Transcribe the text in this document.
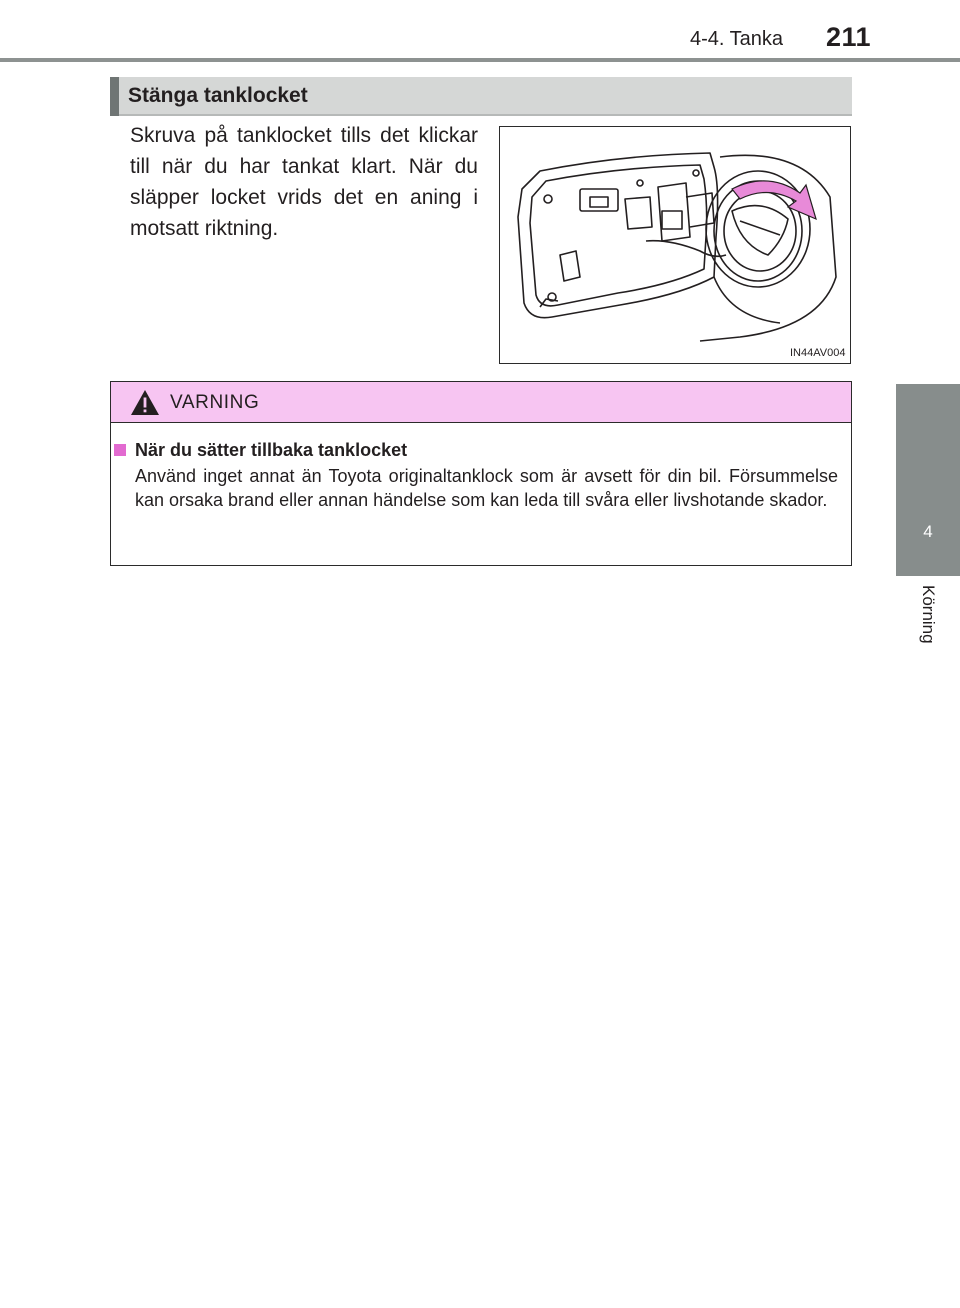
4-4. Tanka 211
4
Körning
Stänga tanklocket
Skruva på tanklocket tills det klickar till när du har tankat klart. När du släpper locket vrids det en aning i motsatt riktning.
IN44AV004
VARNING
När du sätter tillbaka tanklocket
Använd inget annat än Toyota originaltanklock som är avsett för din bil. Försummelse kan orsaka brand eller annan händelse som kan leda till svåra eller livshotande skador.
